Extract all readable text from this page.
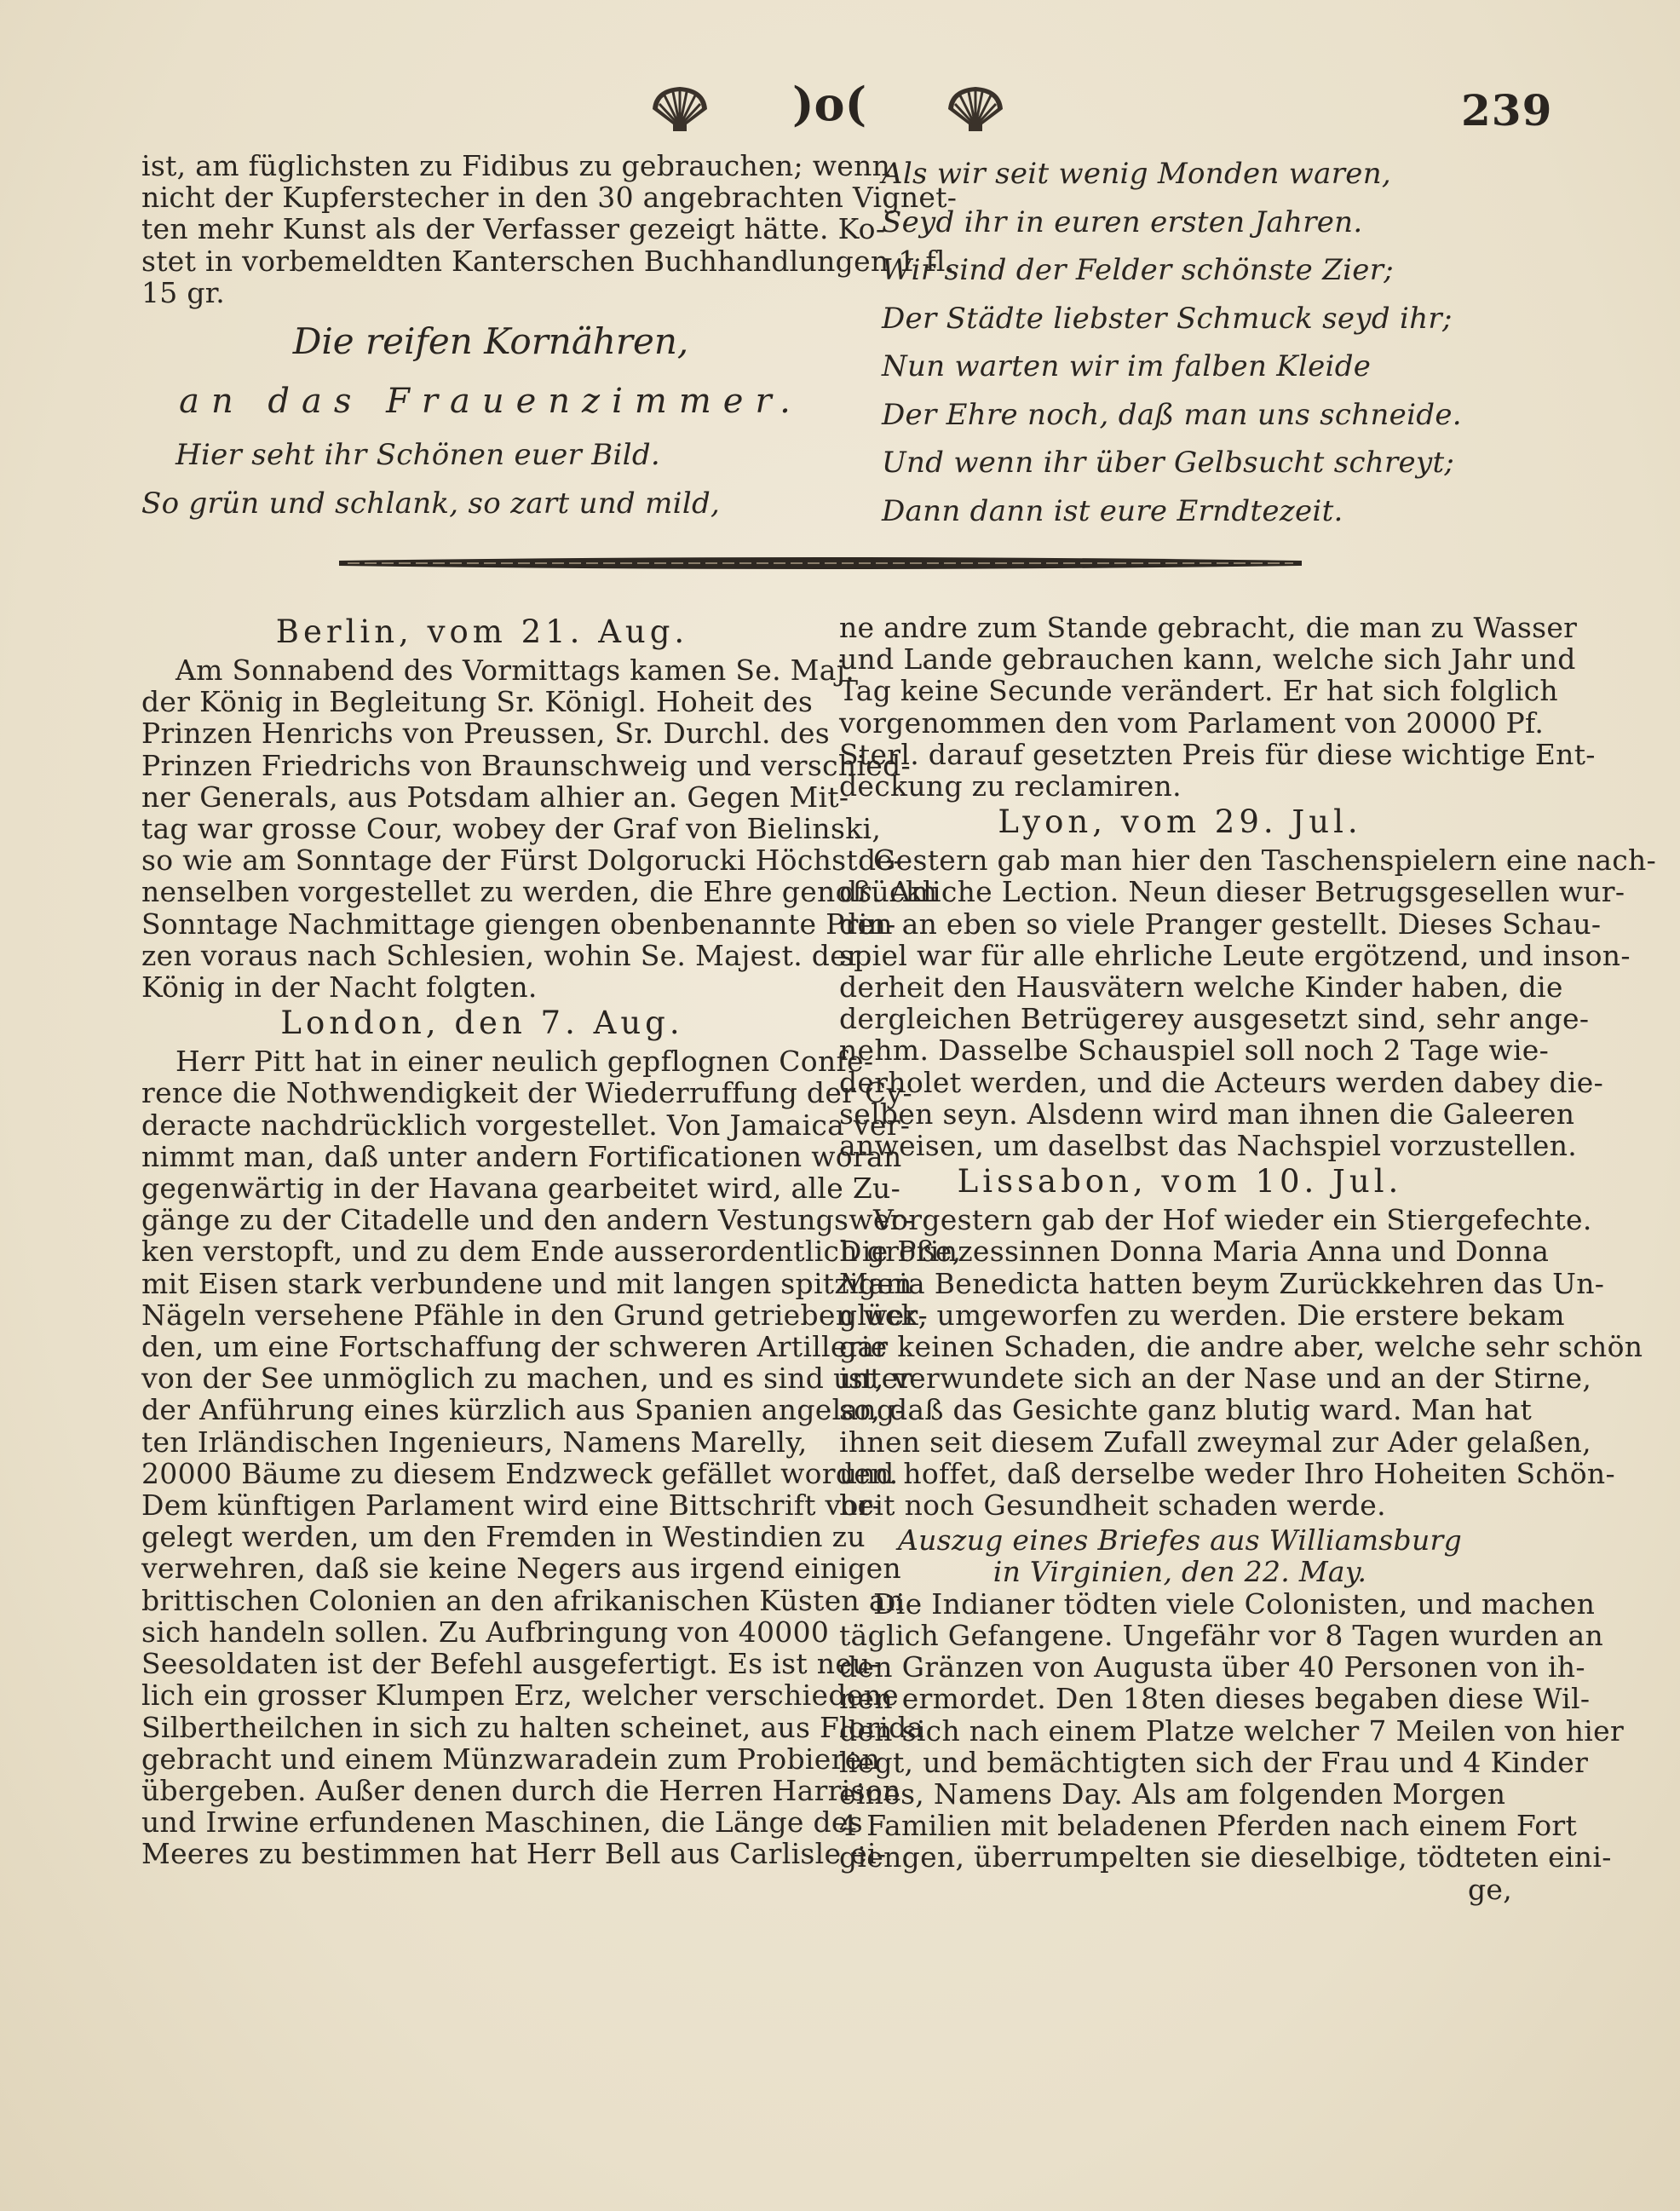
)o(	239

ist, am füglichsten zu Fidibus zu gebrauchen; wenn

nicht der Kupferstecher in den 30 angebrachten Vignet-

ten mehr Kunst als der Verfasser gezeigt hätte. Ko-

stet in vorbemeldten Kanterschen Buchhandlungen 1 fl.

15 gr.

Die reifen Kornähren,

an das Frauenzimmer.

Hier seht ihr Schönen euer Bild.

So grün und schlank, so zart und mild,

Als wir seit wenig Monden waren,

Seyd ihr in euren ersten Jahren.

Wir sind der Felder schönste Zier;

Der Städte liebster Schmuck seyd ihr;

Nun warten wir im falben Kleide

Der Ehre noch, daß man uns schneide.

Und wenn ihr über Gelbsucht schreyt;

Dann dann ist eure Erndtezeit.

Berlin, vom 21. Aug.

Am Sonnabend des Vormittags kamen Se. Maj.

der König in Begleitung Sr. Königl. Hoheit des

Prinzen Henrichs von Preussen, Sr. Durchl. des

Prinzen Friedrichs von Braunschweig und verschied-

ner Generals, aus Potsdam alhier an. Gegen Mit-

tag war grosse Cour, wobey der Graf von Bielinski,

so wie am Sonntage der Fürst Dolgorucki Höchstde-

nenselben vorgestellet zu werden, die Ehre genoß. Am

Sonntage Nachmittage giengen obenbenannte Prin-

zen voraus nach Schlesien, wohin Se. Majest. der

König in der Nacht folgten.

London, den 7. Aug.

Herr Pitt hat in einer neulich gepflognen Confe-

rence die Nothwendigkeit der Wiederruffung der Cy-

deracte nachdrücklich vorgestellet. Von Jamaica ver-

nimmt man, daß unter andern Fortificationen woran

gegenwärtig in der Havana gearbeitet wird, alle Zu-

gänge zu der Citadelle und den andern Vestungswer-

ken verstopft, und zu dem Ende ausserordentlich große,

mit Eisen stark verbundene und mit langen spitzigen

Nägeln versehene Pfähle in den Grund getrieben wer-

den, um eine Fortschaffung der schweren Artillerie

von der See unmöglich zu machen, und es sind unter

der Anführung eines kürzlich aus Spanien angelang-

ten Irländischen Ingenieurs, Namens Marelly,

20000 Bäume zu diesem Endzweck gefället worden.

Dem künftigen Parlament wird eine Bittschrift vor-

gelegt werden, um den Fremden in Westindien zu

verwehren, daß sie keine Negers aus irgend einigen

brittischen Colonien an den afrikanischen Küsten an

sich handeln sollen. Zu Aufbringung von 40000

Seesoldaten ist der Befehl ausgefertigt. Es ist neu-

lich ein grosser Klumpen Erz, welcher verschiedene

Silbertheilchen in sich zu halten scheinet, aus Florida

gebracht und einem Münzwaradein zum Probieren

übergeben. Außer denen durch die Herren Harrison

und Irwine erfundenen Maschinen, die Länge des

Meeres zu bestimmen hat Herr Bell aus Carlisle ei-

ne andre zum Stande gebracht, die man zu Wasser

und Lande gebrauchen kann, welche sich Jahr und

Tag keine Secunde verändert. Er hat sich folglich

vorgenommen den vom Parlament von 20000 Pf.

Sterl. darauf gesetzten Preis für diese wichtige Ent-

deckung zu reclamiren.

Lyon, vom 29. Jul.

Gestern gab man hier den Taschenspielern eine nach-

drückliche Lection. Neun dieser Betrugsgesellen wur-

den an eben so viele Pranger gestellt. Dieses Schau-

spiel war für alle ehrliche Leute ergötzend, und inson-

derheit den Hausvätern welche Kinder haben, die

dergleichen Betrügerey ausgesetzt sind, sehr ange-

nehm. Dasselbe Schauspiel soll noch 2 Tage wie-

derholet werden, und die Acteurs werden dabey die-

selben seyn. Alsdenn wird man ihnen die Galeeren

anweisen, um daselbst das Nachspiel vorzustellen.

Lissabon, vom 10. Jul.

Vorgestern gab der Hof wieder ein Stiergefechte.

Die Prinzessinnen Donna Maria Anna und Donna

Maria Benedicta hatten beym Zurückkehren das Un-

glück, umgeworfen zu werden. Die erstere bekam

gar keinen Schaden, die andre aber, welche sehr schön

ist, verwundete sich an der Nase und an der Stirne,

so, daß das Gesichte ganz blutig ward. Man hat

ihnen seit diesem Zufall zweymal zur Ader gelaßen,

und hoffet, daß derselbe weder Ihro Hoheiten Schön-

heit noch Gesundheit schaden werde.

Auszug eines Briefes aus Williamsburg

in Virginien, den 22. May.

Die Indianer tödten viele Colonisten, und machen

täglich Gefangene. Ungefähr vor 8 Tagen wurden an

den Gränzen von Augusta über 40 Personen von ih-

nen ermordet. Den 18ten dieses begaben diese Wil-

den sich nach einem Platze welcher 7 Meilen von hier

liegt, und bemächtigten sich der Frau und 4 Kinder

eines, Namens Day. Als am folgenden Morgen

4 Familien mit beladenen Pferden nach einem Fort

giengen, überrumpelten sie dieselbige, tödteten eini-

ge,
